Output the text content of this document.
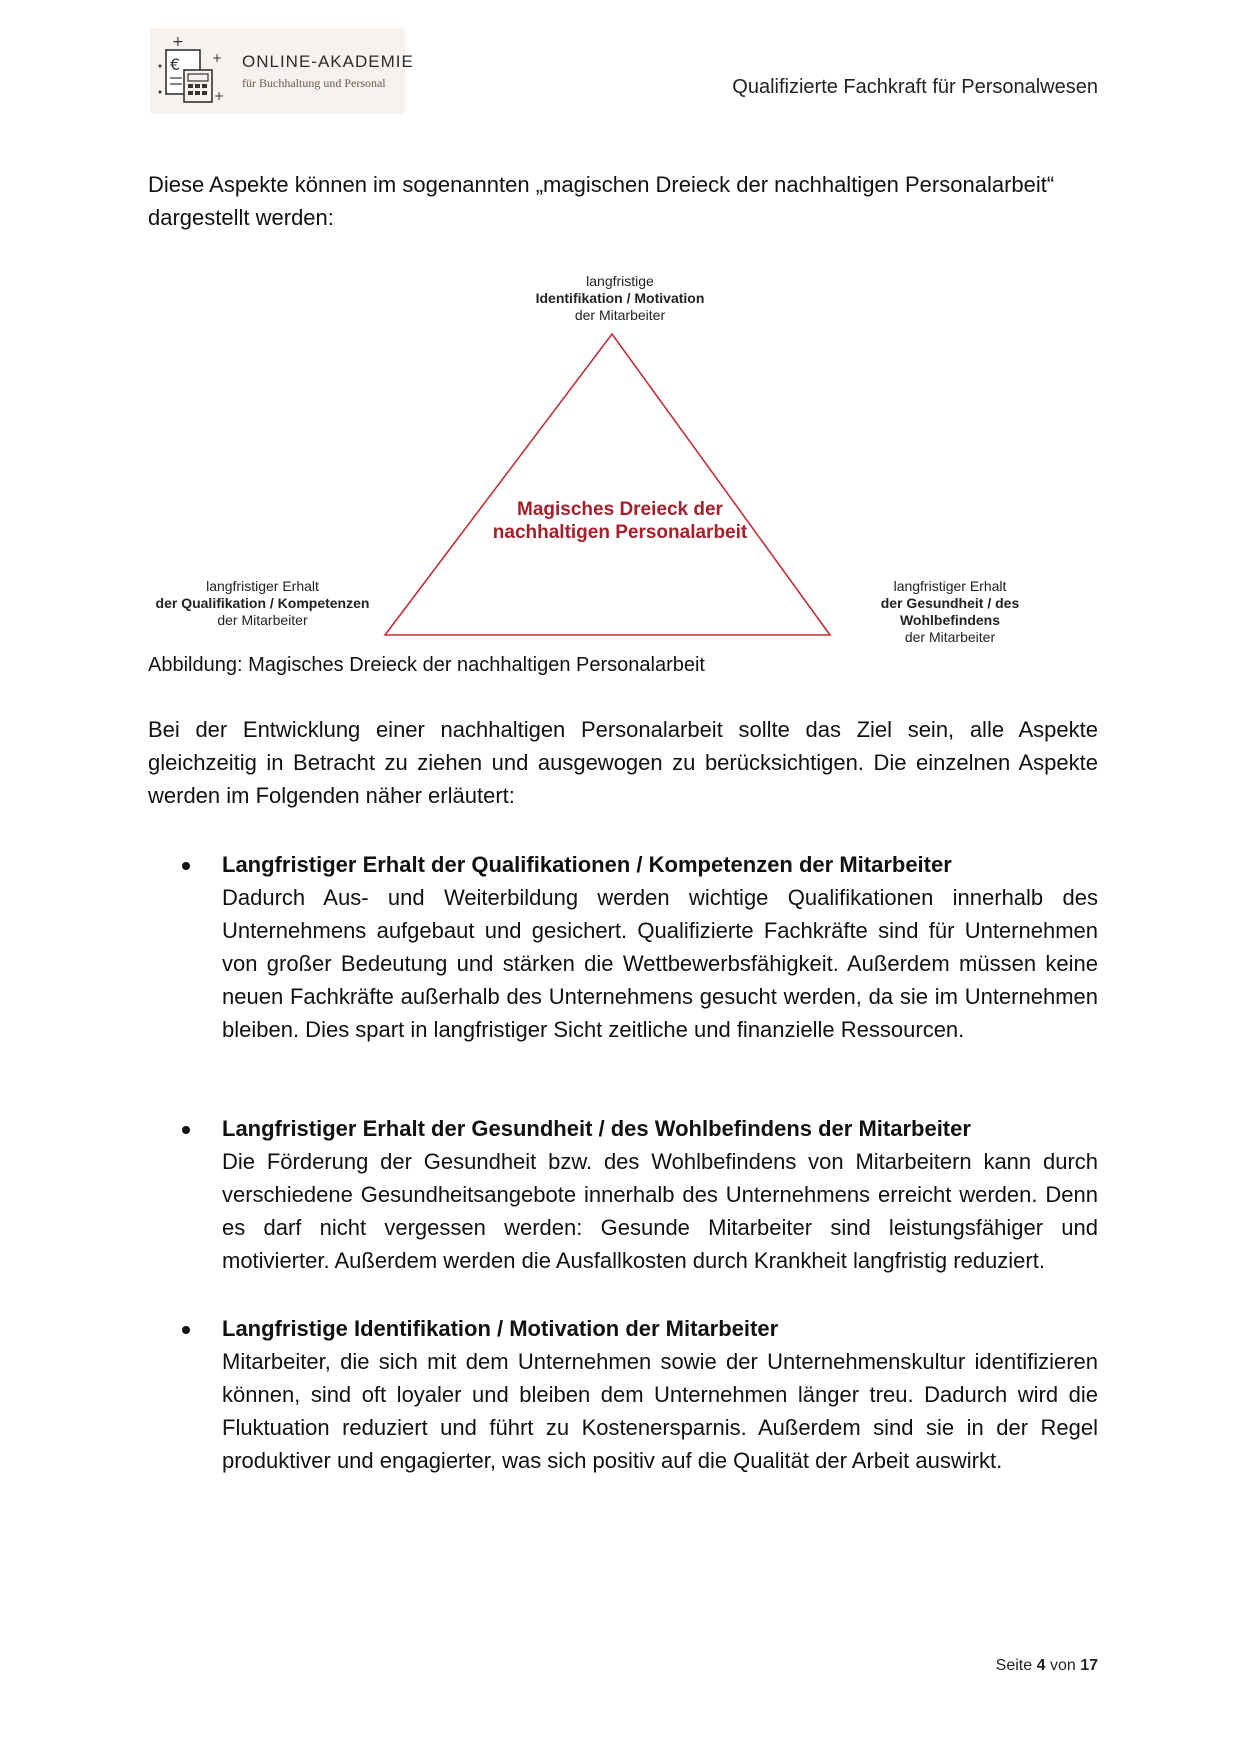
+
+
+
€	ONLINE-AKADEMIE
für Buchhaltung und Personal	Qualifizierte Fachkraft für Personalwesen

Diese Aspekte können im sogenannten „magischen Dreieck der nachhaltigen Personalarbeit“ dargestellt werden:

langfristige
Identifikation / Motivation
der Mitarbeiter
langfristiger Erhalt
der Qualifikation / Kompetenzen
der Mitarbeiter
langfristiger Erhalt
der Gesundheit / des Wohlbefindens
der Mitarbeiter
Magisches Dreieck der
nachhaltigen Personalarbeit
Abbildung: Magisches Dreieck der nachhaltigen Personalarbeit

Bei der Entwicklung einer nachhaltigen Personalarbeit sollte das Ziel sein, alle Aspekte gleichzeitig in Betracht zu ziehen und ausgewogen zu berücksichtigen. Die einzelnen Aspekte werden im Folgenden näher erläutert:

Langfristiger Erhalt der Qualifikationen / Kompetenzen der Mitarbeiter

Dadurch Aus- und Weiterbildung werden wichtige Qualifikationen innerhalb des Unternehmens aufgebaut und gesichert. Qualifizierte Fachkräfte sind für Unternehmen von großer Bedeutung und stärken die Wettbewerbsfähigkeit. Außerdem müssen keine neuen Fachkräfte außerhalb des Unternehmens gesucht werden, da sie im Unternehmen bleiben. Dies spart in langfristiger Sicht zeitliche und finanzielle Ressourcen.

Langfristiger Erhalt der Gesundheit / des Wohlbefindens der Mitarbeiter

Die Förderung der Gesundheit bzw. des Wohlbefindens von Mitarbeitern kann durch verschiedene Gesundheitsangebote innerhalb des Unternehmens erreicht werden. Denn es darf nicht vergessen werden: Gesunde Mitarbeiter sind leistungsfähiger und motivierter. Außerdem werden die Ausfallkosten durch Krankheit langfristig reduziert.

Langfristige Identifikation / Motivation der Mitarbeiter

Mitarbeiter, die sich mit dem Unternehmen sowie der Unternehmenskultur identifizieren können, sind oft loyaler und bleiben dem Unternehmen länger treu. Dadurch wird die Fluktuation reduziert und führt zu Kostenersparnis. Außerdem sind sie in der Regel produktiver und engagierter, was sich positiv auf die Qualität der Arbeit auswirkt.

Seite 4 von 17
